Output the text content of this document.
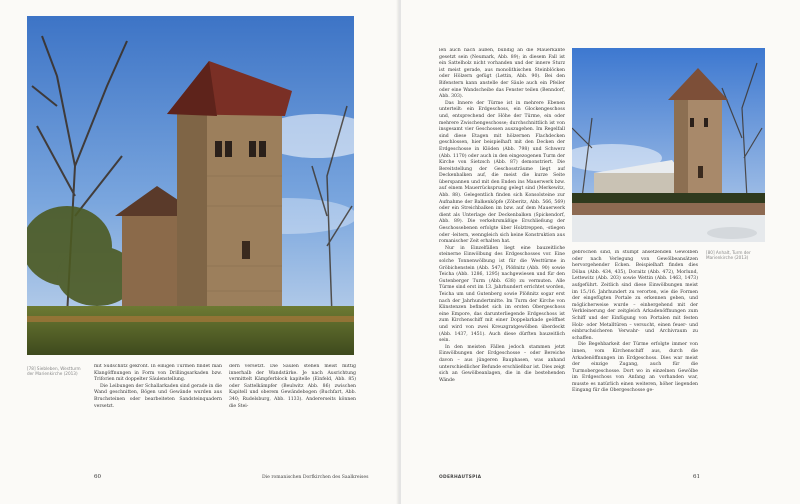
[78] Siebleben, Westturm der Marienkirche (2013)

mit Südschlitz gekrönt. In einigen Türmen findet man Klangöffnungen in Form von Drillingsarkaden bzw. Triforien mit doppelter Säulenstellung.

Die Leibungen der Schallarkaden sind gerade in die Wand geschnitten, Bögen und Gewände wurden aus Bruchsteinen oder bearbeiteten Sandsteinquadern versetzt.

dern versetzt. Die Säulen stehen meist mittig innerhalb der Wandstärke. Je nach Ausrichtung vermittelt Kämpferblock kapitelle (Einfeld, Abb. 85) oder Sattelkämpfer (Beulwitz Abb. 86) zwischen Kapitell und oberem Gewändebogen (Buchfart, Abb. 340; Rudelsburg, Abb. 1133). Andererseits können die Stei-

60	Die romanischen Dorfkirchen des Saalkreises

len auch nach außen, bündig an die Mauerkante gesetzt sein (Neumark, Abb. 89); in diesem Fall ist ein Sattelholz nicht vorhanden und der innere Sturz ist meist gerade, aus monolithischen Steinblöcken oder Hölzern gefügt (Lettin, Abb. 90). Bei den Bifenstern kann anstelle der Säule auch ein Pfeiler oder eine Wandscheibe das Fenster teilen (Benndorf, Abb. 303).

Das Innere der Türme ist in mehrere Ebenen unterteilt: ein Erdgeschoss, ein Glockengeschoss und, entsprechend der Höhe der Türme, ein oder mehrere Zwischengeschosse; durchschnittlich ist von insgesamt vier Geschossen auszugehen. Im Regelfall sind diese Etagen mit hölzernen Flachdecken geschlossen, hier beispielhaft mit den Decken der Erdgeschosse in Klöden (Abb. 798) und Schwerz (Abb. 1170) oder auch in den eingezogenen Turm der Kirche von Sietzsch (Abb. 87) demonstriert. Die Bereitstellung der Geschossträume liegt auf Deckenbalken auf, die meist die kurze Seite überspannen und mit den Enden ins Mauerwerk bzw. auf einem Mauerrücksprung gelegt sind (Merkewitz, Abb. 88). Gelegentlich finden sich Konsolsteine zur Aufnahme der Balkenköpfe (Zöberitz, Abb. 566, 569) oder ein Streichbalken im bzw. auf dem Mauerwerk dient als Unterlage der Deckenbalken (Spickendorf, Abb. 89). Die verkehrsmäßige Erschließung der Geschossebenen erfolgte über Holztreppen, -stiegen oder -leitern, wenngleich sich keine Konstruktion aus romanischer Zeit erhalten hat.

Nur in Einzelfällen liegt eine bauzeitliche steinerne Einwölbung des Erdgeschosses vor. Eine solche Tonnenwölbung ist für die Westtürme in Gröbichenstein (Abb. 547), Plößnitz (Abb. 90) sowie Teicha (Abb. 1286, 1295) nachgewiesen und für den Gutenberger Turm (Abb. 638) zu vermuten. Alle Türme sind erst im 13. Jahrhundert errichtet worden, Teicha um und Gutenberg sowie Plößnitz sogar erst nach der Jahrhundertmitte. Im Turm der Kirche von Klinstenzen befindet sich im ersten Obergeschoss eine Empore, das darunterliegende Erdgeschoss ist zum Kirchenschiff mit einer Doppelarkade geöffnet und wird von zwei Kreuzgratgewölben überdeckt (Abb. 1437, 1451). Auch diese dürften bauzeitlich sein.

In den meisten Fällen jedoch stammen jetzt Einwölbungen der Erdgeschosse – oder Bereiche davon – aus jüngeren Bauphasen, was anhand unterschiedlicher Befunde erschließbar ist. Dies zeigt sich an Gewölbeanlagen, die in die bestehenden Wände

[80] Anhalt, Turm der Marienkirche (2013)

gebrochen sind, in stumpf ansetzenden Gewölben oder nach Verlegung von Gewölbeansätzen hervorgehender Ecken. Beispielhaft finden dies Dölau (Abb. 434, 435), Doraitz (Abb. 472), Morlund, Lettewitz (Abb. 203) sowie Wettin (Abb. 1463, 1473) aufgeführt. Zeitlich sind diese Einwölbungen meist im 15./16. Jahrhundert zu verorten, wie die Formen der eingefügten Portale zu erkennen geben, und möglicherweise wurde – einhergehend mit der Verkleinerung der zeitgleich Arkadenöffnungen zum Schiff und der Einfügung von Portalen mit festen Holz- oder Metalltüren – versucht, einen feuer- und einbruchsicheren Verwahr- und Archivraum zu schaffen.

Die Begehbarkeit der Türme erfolgte immer von innen, vom Kirchenschiff aus, durch die Arkadenöffnungen im Erdgeschoss. Dies war meist der einzige Zugang, auch für die Turmobergeschosse. Dort wo in einzelnen Gewölbe im Erdgeschoss von Anfang an vorhanden war, musste es natürlich einen weiteren, höher liegenden Eingang für die Obergeschosse ge-

ODERHAUTSPIA	61
